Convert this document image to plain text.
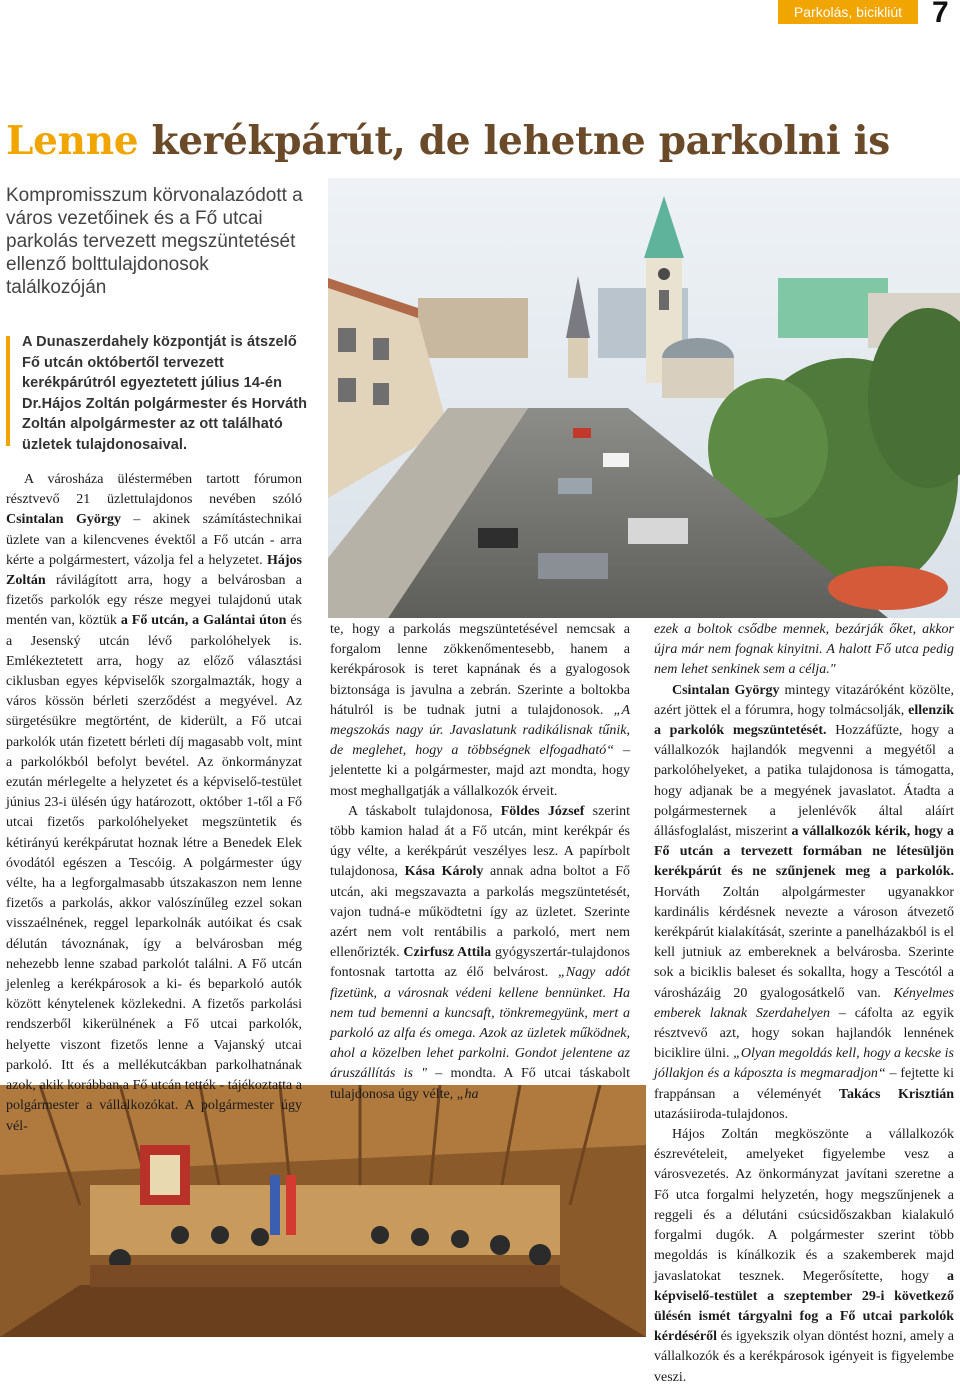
Parkolás, bicikliút 7
Lenne kerékpárút, de lehetne parkolni is
Kompromisszum körvonalazódott a város vezetőinek és a Fő utcai parkolás tervezett megszüntetését ellenző bolttulajdonosok találkozóján
A Dunaszerdahely központját is átszelő Fő utcán októbertől tervezett kerékpárútról egyeztetett július 14-én Dr.Hájos Zoltán polgármester és Horváth Zoltán alpolgármester az ott található üzletek tulajdonosaival.

A városháza üléstermében tartott fórumon résztvevő 21 üzlettulajdonos nevében szóló Csintalan György – akinek számítástechnikai üzlete van a kilencvenes évektől a Fő utcán - arra kérte a polgármestert, vázolja fel a helyzetet. Hájos Zoltán rávilágított arra, hogy a belvárosban a fizetős parkolók egy része megyei tulajdonú utak mentén van, köztük a Fő utcán, a Galántai úton és a Jesenský utcán lévő parkolóhelyek is. Emlékeztetett arra, hogy az előző választási ciklusban egyes képviselők szorgalmazták, hogy a város kössön bérleti szerződést a megyével. Az sürgetésükre megtörtént, de kiderült, a Fő utcai parkolók után fizetett bérleti díj magasabb volt, mint a parkolókból befolyt bevétel. Az önkormányzat ezután mérlegelte a helyzetet és a képviselő-testület június 23-i ülésén úgy határozott, október 1-től a Fő utcai fizetős parkolóhelyeket megszüntetik és kétirányú kerékpárutat hoznak létre a Benedek Elek óvodától egészen a Tescóig. A polgármester úgy vélte, ha a legforgalmasabb útszakaszon nem lenne fizetős a parkolás, akkor valószínűleg ezzel sokan visszaélnének, reggel leparkolnák autóikat és csak délután távoznának, így a belvárosban még nehezebb lenne szabad parkolót találni. A Fő utcán jelenleg a kerékpárosok a ki- és beparkoló autók között kénytelenek közlekedni. A fizetős parkolási rendszerből kikerülnének a Fő utcai parkolók, helyette viszont fizetős lenne a Vajanský utcai parkoló. Itt és a mellékutcákban parkolhatnának azok, akik korábban a Fő utcán tették - tájékoztatta a polgármester a vállalkozókat. A polgármester úgy vél-

te, hogy a parkolás megszüntetésével nemcsak a forgalom lenne zökkenőmentesebb, hanem a kerékpárosok is teret kapnának és a gyalogosok biztonsága is javulna a zebrán. Szerinte a boltokba hátulról is be tudnak jutni a tulajdonosok. „A megszokás nagy úr. Javaslatunk radikálisnak tűnik, de meglehet, hogy a többségnek elfogadható“ –jelentette ki a polgármester, majd azt mondta, hogy most meghallgatják a vállalkozók érveit.

A táskabolt tulajdonosa, Földes József szerint több kamion halad át a Fő utcán, mint kerékpár és úgy vélte, a kerékpárút veszélyes lesz. A papírbolt tulajdonosa, Kása Károly annak adna boltot a Fő utcán, aki megszavazta a parkolás megszüntetését, vajon tudná-e működtetni így az üzletet. Szerinte azért nem volt rentábilis a parkoló, mert nem ellenőrizték. Czirfusz Attila gyógyszertár-tulajdonos fontosnak tartotta az élő belvárost. „Nagy adót fizetünk, a városnak védeni kellene bennünket. Ha nem tud bemenni a kuncsaft, tönkremegyünk, mert a parkoló az alfa és omega. Azok az üzletek működnek, ahol a közelben lehet parkolni. Gondot jelentene az áruszállítás is " – mondta. A Fő utcai táskabolt tulajdonosa úgy vélte, „ha

ezek a boltok csődbe mennek, bezárják őket, akkor újra már nem fognak kinyitni. A halott Fő utca pedig nem lehet senkinek sem a célja."

Csintalan György mintegy vitazáróként közölte, azért jöttek el a fórumra, hogy tolmácsolják, ellenzik a parkolók megszüntetését. Hozzáfűzte, hogy a vállalkozók hajlandók megvenni a megyétől a parkolóhelyeket, a patika tulajdonosa is támogatta, hogy adjanak be a megyének javaslatot. Átadta a polgármesternek a jelenlévők által aláírt állásfoglalást, miszerint a vállalkozók kérik, hogy a Fő utcán a tervezett formában ne létesüljön kerékpárút és ne szűnjenek meg a parkolók. Horváth Zoltán alpolgármester ugyanakkor kardinális kérdésnek nevezte a városon átvezető kerékpárút kialakítását, szerinte a panelházakból is el kell jutniuk az embereknek a belvárosba. Szerinte sok a biciklis baleset és sokallta, hogy a Tescótól a városházáig 20 gyalogosátkelő van. Kényelmes emberek laknak Szerdahelyen – cáfolta az egyik résztvevő azt, hogy sokan hajlandók lennének biciklire ülni. „Olyan megoldás kell, hogy a kecske is jóllakjon és a káposzta is megmaradjon“ – fejtette ki frappánsan a véleményét Takács Krisztián utazásiiroda-tulajdonos.

Hájos Zoltán megköszönte a vállalkozók észrevételeit, amelyeket figyelembe vesz a városvezetés. Az önkormányzat javítani szeretne a Fő utca forgalmi helyzetén, hogy megszűnjenek a reggeli és a délutáni csúcsidőszakban kialakuló forgalmi dugók. A polgármester szerint több megoldás is kínálkozik és a szakemberek majd javaslatokat tesznek. Megerősítette, hogy a képviselő-testület a szeptember 29-i következő ülésén ismét tárgyalni fog a Fő utcai parkolók kérdéséről és igyekszik olyan döntést hozni, amely a vállalkozók és a kerékpárosok igényeit is figyelembe veszi.
